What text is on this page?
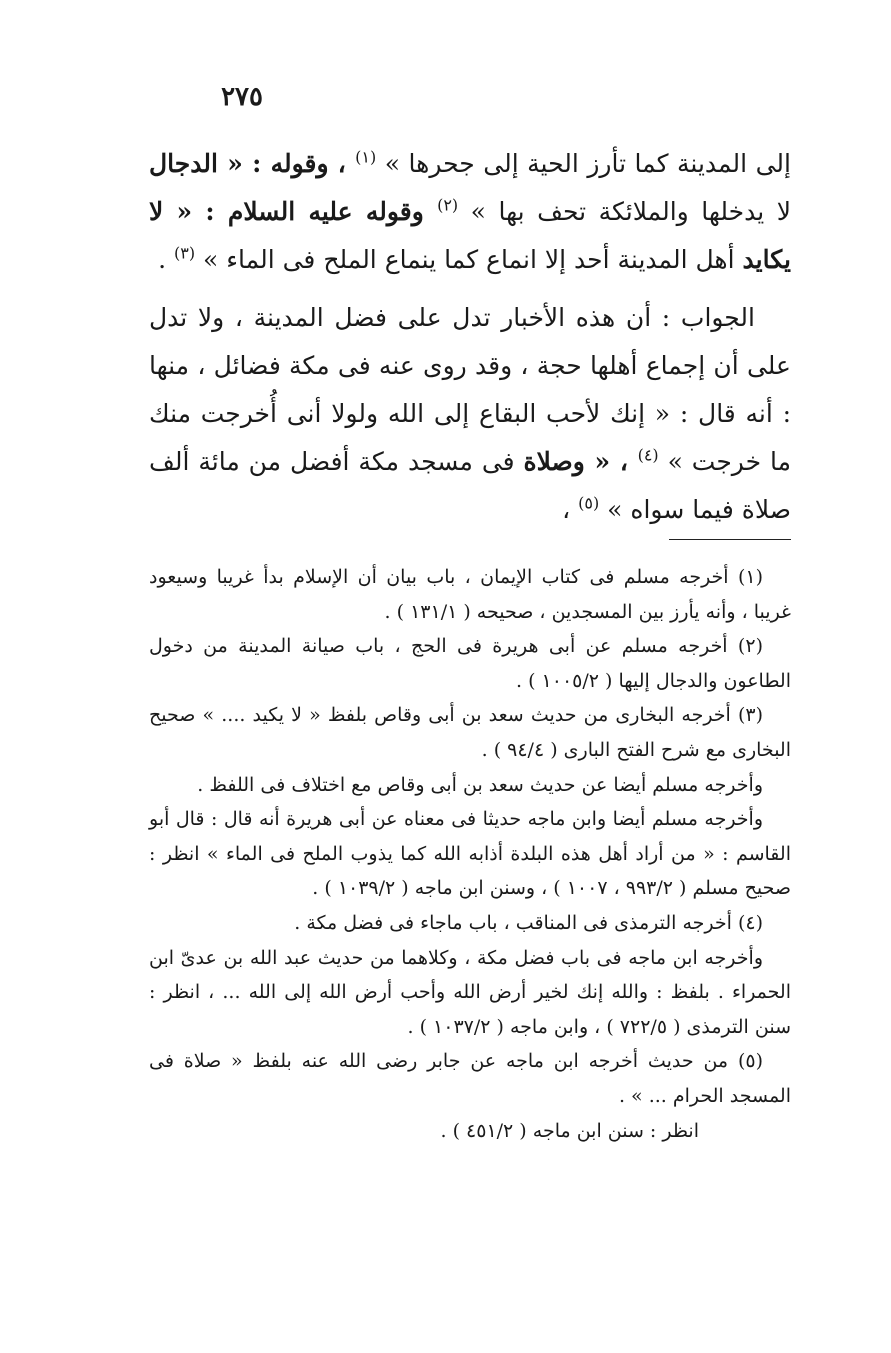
٢٧٥

إلى المدينة كما تأرز الحية إلى جحرها » $^{(١)}$ ، وقوله : « الدجال لا يدخلها والملائكة تحف بها » $^{(٢)}$ وقوله عليه السلام : « لا يكايد أهل المدينة أحد إلا انماع كما ينماع الملح فى الماء » $^{(٣)}$ .

الجواب : أن هذه الأخبار تدل على فضل المدينة ، ولا تدل على أن إجماع أهلها حجة ، وقد روى عنه فى مكة فضائل ، منها : أنه قال : « إنك لأحب البقاع إلى الله ولولا أنى أُخرجت منك ما خرجت » $^{(٤)}$ ، « وصلاة فى مسجد مكة أفضل من مائة ألف صلاة فيما سواه » $^{(٥)}$ ،

(١) أخرجه مسلم فى كتاب الإيمان ، باب بيان أن الإسلام بدأ غريبا وسيعود غريبا ، وأنه يأرز بين المسجدين ، صحيحه ( ١٣١/١ ) .

(٢) أخرجه مسلم عن أبى هريرة فى الحج ، باب صيانة المدينة من دخول الطاعون والدجال إليها ( ١٠٠٥/٢ ) .

(٣) أخرجه البخارى من حديث سعد بن أبى وقاص بلفظ « لا يكيد .... » صحيح البخارى مع شرح الفتح البارى ( ٩٤/٤ ) .

وأخرجه مسلم أيضا عن حديث سعد بن أبى وقاص مع اختلاف فى اللفظ .

وأخرجه مسلم أيضا وابن ماجه حديثا فى معناه عن أبى هريرة أنه قال : قال أبو القاسم : « من أراد أهل هذه البلدة أذابه الله كما يذوب الملح فى الماء » انظر : صحيح مسلم ( ٩٩٣/٢ ، ١٠٠٧ ) ، وسنن ابن ماجه ( ١٠٣٩/٢ ) .

(٤) أخرجه الترمذى فى المناقب ، باب ماجاء فى فضل مكة .

وأخرجه ابن ماجه فى باب فضل مكة ، وكلاهما من حديث عبد الله بن عدىّ ابن الحمراء . بلفظ : والله إنك لخير أرض الله وأحب أرض الله إلى الله ... ، انظر : سنن الترمذى ( ٧٢٢/٥ ) ، وابن ماجه ( ١٠٣٧/٢ ) .

(٥) من حديث أخرجه ابن ماجه عن جابر رضى الله عنه بلفظ « صلاة فى المسجد الحرام ... » .

انظر : سنن ابن ماجه ( ٤٥١/٢ ) .
